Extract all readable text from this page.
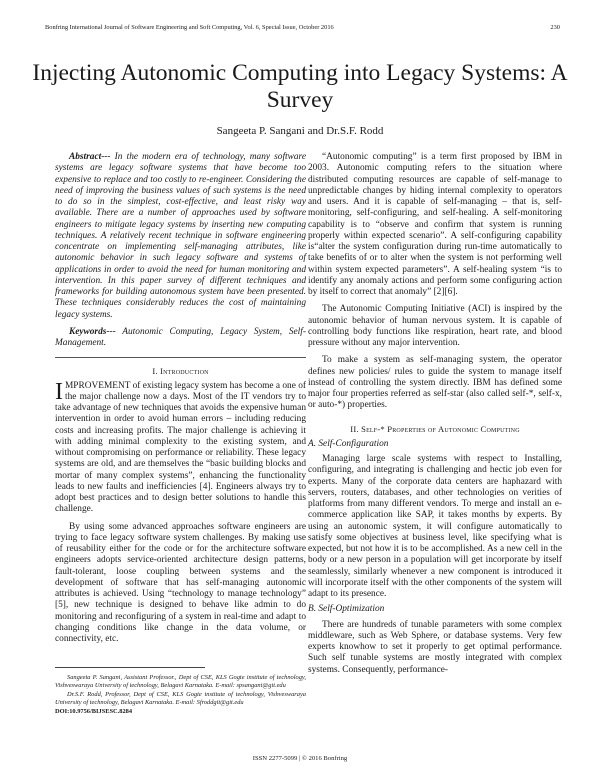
Bonfring International Journal of Software Engineering and Soft Computing, Vol. 6, Special Issue, October 2016	230
Injecting Autonomic Computing into Legacy Systems: A Survey
Sangeeta P. Sangani and Dr.S.F. Rodd

Abstract--- In the modern era of technology, many software systems are legacy software systems that have become too expensive to replace and too costly to re-engineer. Considering the need of improving the business values of such systems is the need to do so in the simplest, cost-effective, and least risky way available. There are a number of approaches used by software engineers to mitigate legacy systems by inserting new computing techniques. A relatively recent technique in software engineering concentrate on implementing self-managing attributes, like autonomic behavior in such legacy software and systems of applications in order to avoid the need for human monitoring and intervention. In this paper survey of different techniques and frameworks for building autonomous system have been presented. These techniques considerably reduces the cost of maintaining legacy systems.

Keywords--- Autonomic Computing, Legacy System, Self-Management.

I. Introduction

IMPROVEMENT of existing legacy system has become a one of the major challenge now a days. Most of the IT vendors try to take advantage of new techniques that avoids the expensive human intervention in order to avoid human errors – including reducing costs and increasing profits. The major challenge is achieving it with adding minimal complexity to the existing system, and without compromising on performance or reliability. These legacy systems are old, and are themselves the “basic building blocks and mortar of many complex systems”, enhancing the functionality leads to new faults and inefficiencies [4]. Engineers always try to adopt best practices and to design better solutions to handle this challenge.

By using some advanced approaches software engineers are trying to face legacy software system challenges. By making use of reusability either for the code or for the architecture software engineers adopts service-oriented architecture design patterns, fault-tolerant, loose coupling between systems and the development of software that has self-managing autonomic attributes is achieved. Using “technology to manage technology” [5], new technique is designed to behave like admin to do monitoring and reconfiguring of a system in real-time and adapt to changing conditions like change in the data volume, or connectivity, etc.

Sangeeta P. Sangani, Assistant Professor., Dept of CSE, KLS Gogte institute of technology, Vishveswaraya University of technology, Belagavi Karnataka. E-mail: spsangani@git.edu

Dr.S.F. Rodd, Professor, Dept of CSE, KLS Gogte institute of technology, Vishveswaraya University of technology, Belagavi Karnataka. E-mail: Sfroddgit@git.edu

DOI:10.9756/BIJSESC.8284

“Autonomic computing” is a term first proposed by IBM in 2003. Autonomic computing refers to the situation where distributed computing resources are capable of self-manage to unpredictable changes by hiding internal complexity to operators and users. And it is capable of self-managing – that is, self-monitoring, self-configuring, and self-healing. A self-monitoring capability is to “observe and confirm that system is running properly within expected scenario”. A self-configuring capability is“alter the system configuration during run-time automatically to take benefits of or to alter when the system is not performing well within system expected parameters”. A self-healing system “is to identify any anomaly actions and perform some configuring action by itself to correct that anomaly” [2][6].

The Autonomic Computing Initiative (ACI) is inspired by the autonomic behavior of human nervous system. It is capable of controlling body functions like respiration, heart rate, and blood pressure without any major intervention.

To make a system as self-managing system, the operator defines new policies/ rules to guide the system to manage itself instead of controlling the system directly. IBM has defined some major four properties referred as self-star (also called self-*, self-x, or auto-*) properties.

II. Self-* Properties of Autonomic Computing

A. Self-Configuration

Managing large scale systems with respect to Installing, configuring, and integrating is challenging and hectic job even for experts. Many of the corporate data centers are haphazard with servers, routers, databases, and other technologies on verities of platforms from many different vendors. To merge and install an e-commerce application like SAP, it takes months by experts. By using an autonomic system, it will configure automatically to satisfy some objectives at business level, like specifying what is expected, but not how it is to be accomplished. As a new cell in the body or a new person in a population will get incorporate by itself seamlessly, similarly whenever a new component is introduced it will incorporate itself with the other components of the system will adapt to its presence.

B. Self-Optimization

There are hundreds of tunable parameters with some complex middleware, such as Web Sphere, or database systems. Very few experts knowhow to set it properly to get optimal performance. Such self tunable systems are mostly integrated with complex systems. Consequently, performance-

ISSN 2277-5099 | © 2016 Bonfring
